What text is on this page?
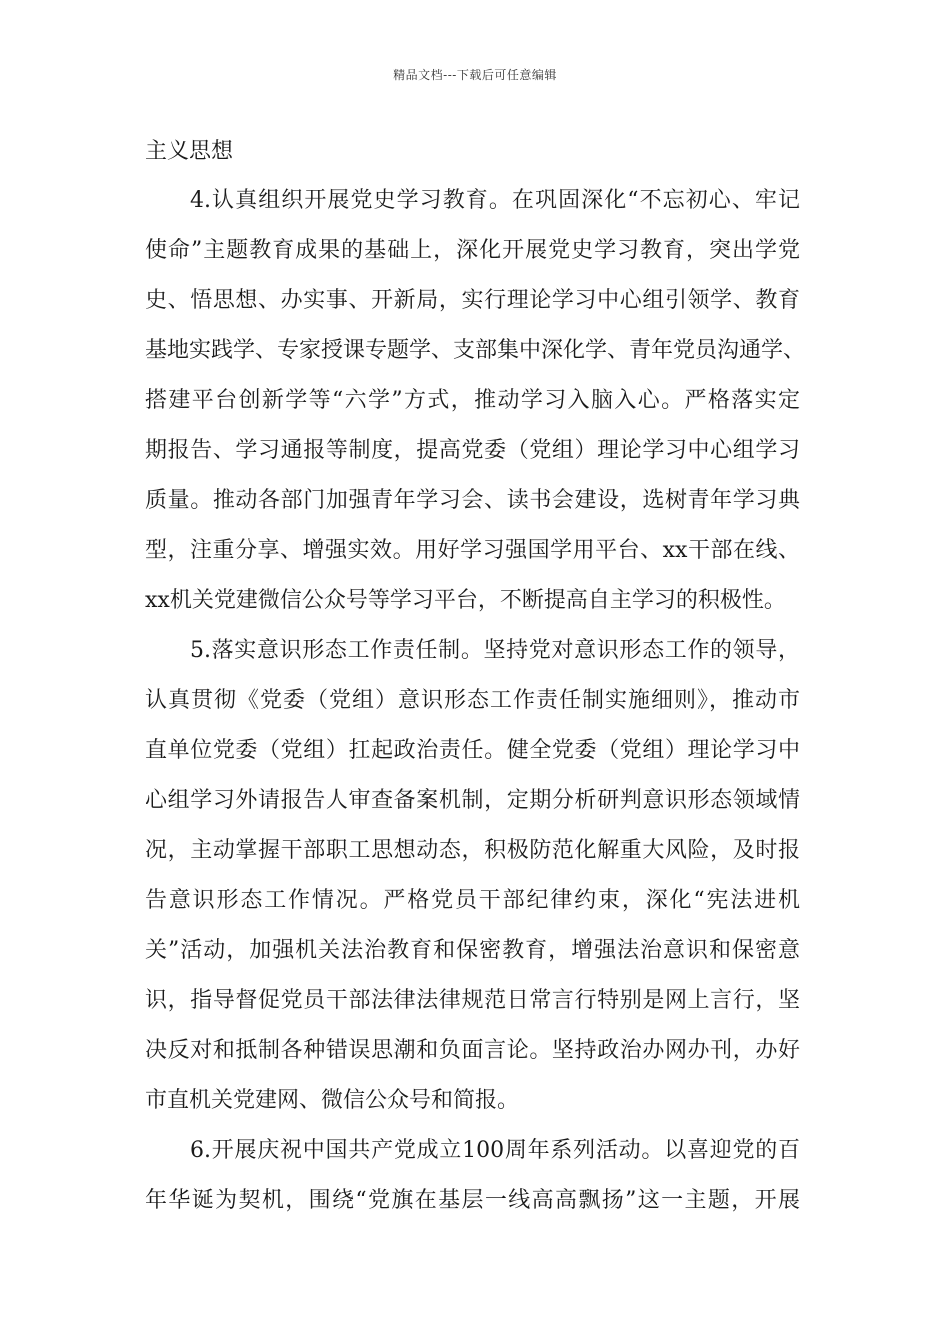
精品文档---下载后可任意编辑
主义思想
4.认真组织开展党史学习教育。在巩固深化“不忘初心、牢记
使命”主题教育成果的基础上，深化开展党史学习教育，突出学党
史、悟思想、办实事、开新局，实行理论学习中心组引领学、教育
基地实践学、专家授课专题学、支部集中深化学、青年党员沟通学、
搭建平台创新学等“六学”方式，推动学习入脑入心。严格落实定
期报告、学习通报等制度，提高党委（党组）理论学习中心组学习
质量。推动各部门加强青年学习会、读书会建设，选树青年学习典
型，注重分享、增强实效。用好学习强国学用平台、xx干部在线、
xx机关党建微信公众号等学习平台，不断提高自主学习的积极性。
5.落实意识形态工作责任制。坚持党对意识形态工作的领导，
认真贯彻《党委（党组）意识形态工作责任制实施细则》，推动市
直单位党委（党组）扛起政治责任。健全党委（党组）理论学习中
心组学习外请报告人审查备案机制，定期分析研判意识形态领域情
况，主动掌握干部职工思想动态，积极防范化解重大风险，及时报
告意识形态工作情况。严格党员干部纪律约束，深化“宪法进机
关”活动，加强机关法治教育和保密教育，增强法治意识和保密意
识，指导督促党员干部法律法律规范日常言行特别是网上言行，坚
决反对和抵制各种错误思潮和负面言论。坚持政治办网办刊，办好
市直机关党建网、微信公众号和简报。
6.开展庆祝中国共产党成立100周年系列活动。以喜迎党的百
年华诞为契机，围绕“党旗在基层一线高高飘扬”这一主题，开展
